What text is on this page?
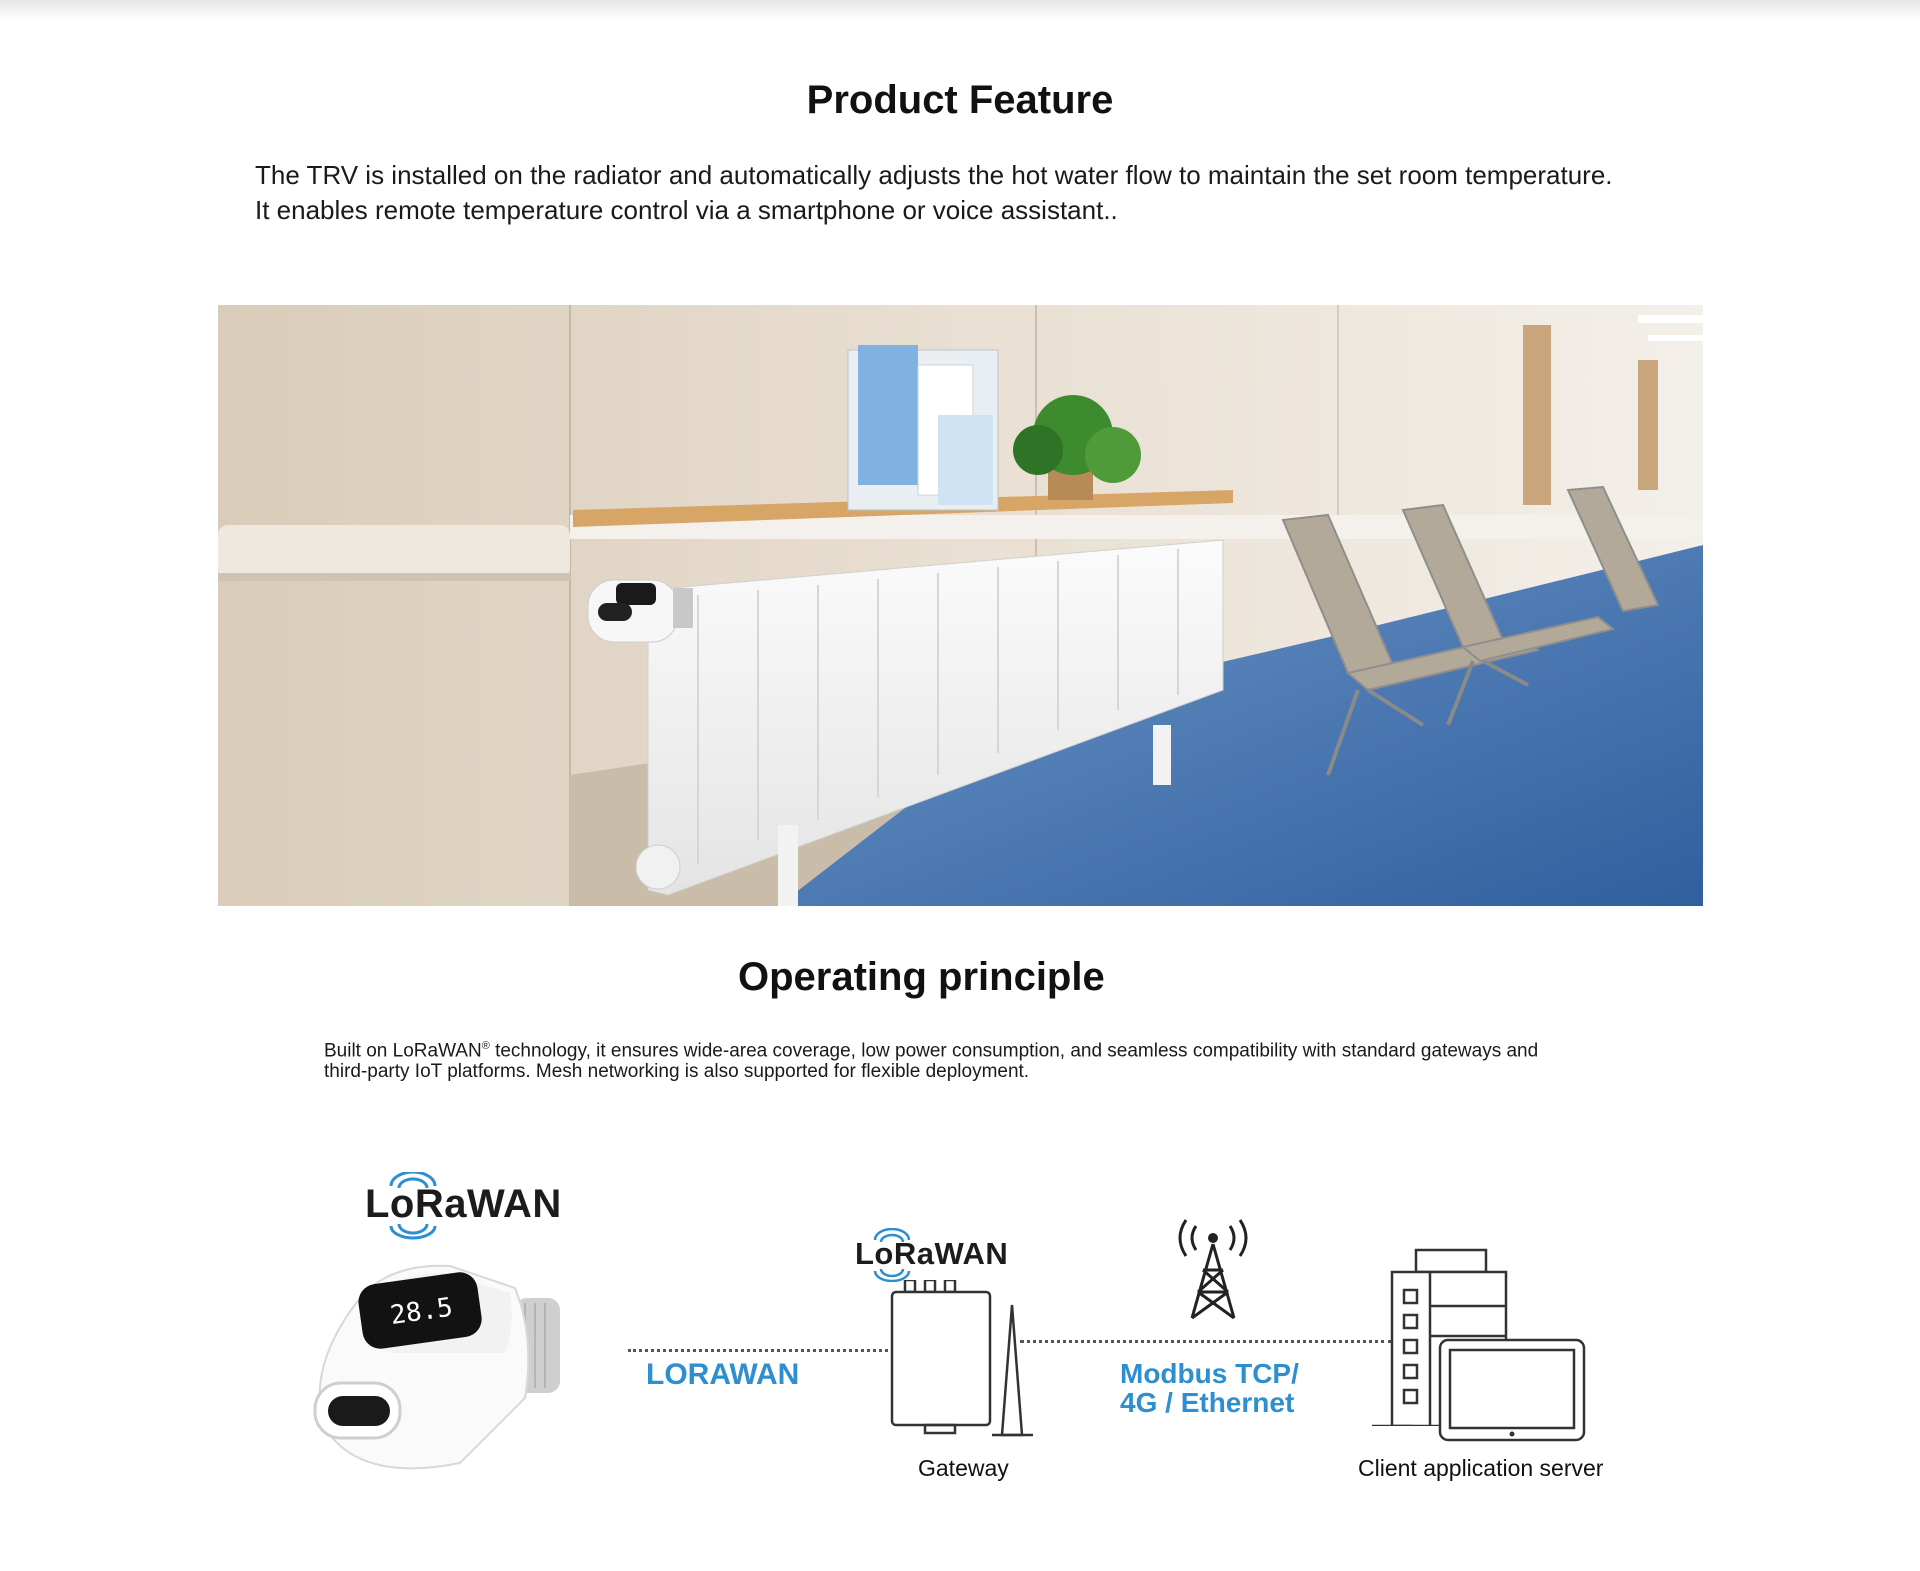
Product Feature

The TRV is installed on the radiator and automatically adjusts the hot water flow to maintain the set room temperature.

It enables remote temperature control via a smartphone or voice assistant..

Operating principle

Built on LoRaWAN® technology, it ensures wide-area coverage, low power consumption, and seamless compatibility with standard gateways and

third-party IoT platforms. Mesh networking is also supported for flexible deployment.

LoRaWAN
28.5
LORAWAN
LoRaWAN
Modbus TCP/
4G / Ethernet
Gateway	Client application server
